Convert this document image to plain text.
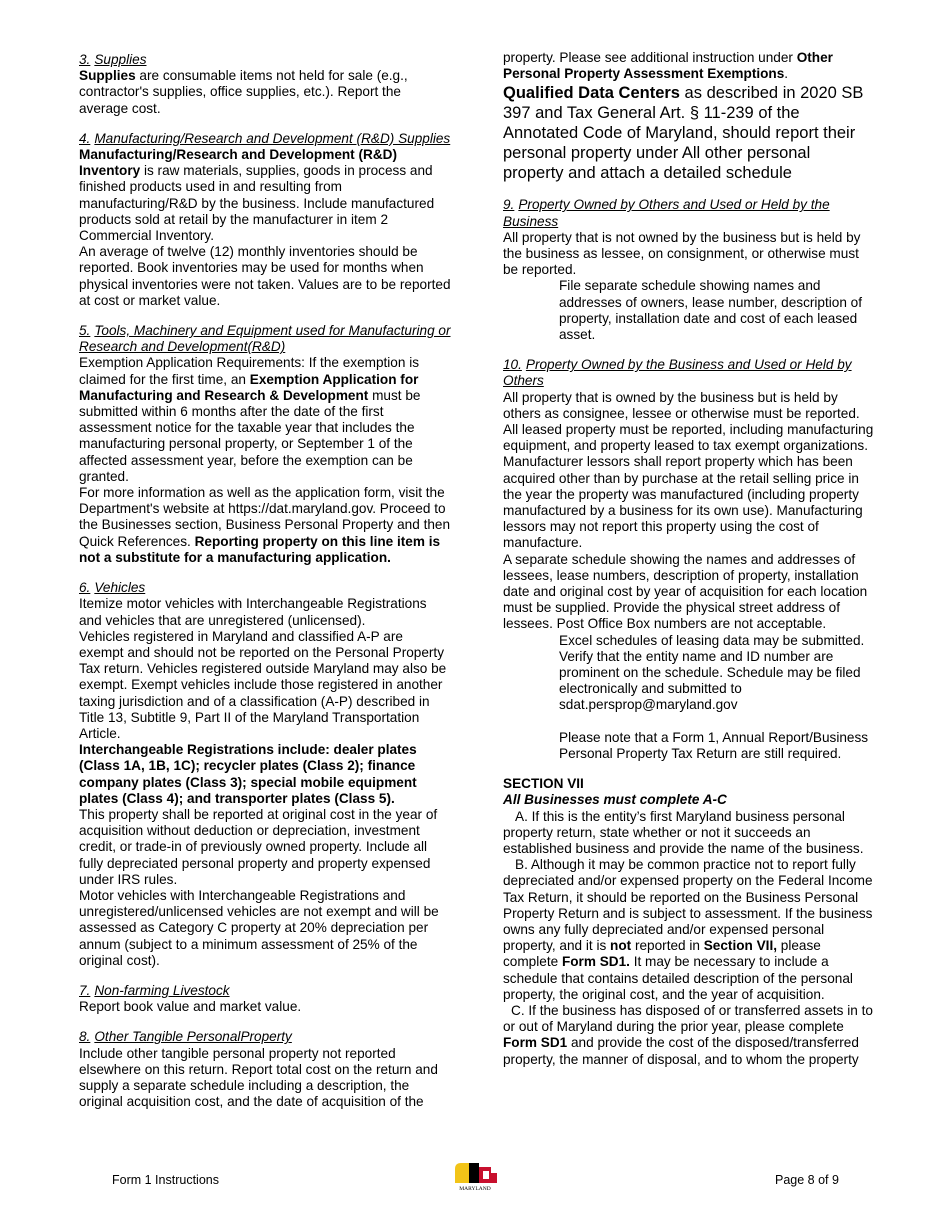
3. Supplies

Supplies are consumable items not held for sale (e.g., contractor's supplies, office supplies, etc.). Report the average cost.

4. Manufacturing/Research and Development (R&D) Supplies

Manufacturing/Research and Development (R&D) Inventory is raw materials, supplies, goods in process and finished products used in and resulting from manufacturing/R&D by the business. Include manufactured products sold at retail by the manufacturer in item 2 Commercial Inventory.

An average of twelve (12) monthly inventories should be reported. Book inventories may be used for months when physical inventories were not taken. Values are to be reported at cost or market value.

5. Tools, Machinery and Equipment used for Manufacturing or Research and Development(R&D)

Exemption Application Requirements: If the exemption is claimed for the first time, an Exemption Application for Manufacturing and Research & Development must be submitted within 6 months after the date of the first assessment notice for the taxable year that includes the manufacturing personal property, or September 1 of the affected assessment year, before the exemption can be granted.

For more information as well as the application form, visit the Department's website at https://dat.maryland.gov. Proceed to the Businesses section, Business Personal Property and then Quick References. Reporting property on this line item is not a substitute for a manufacturing application.

6. Vehicles

Itemize motor vehicles with Interchangeable Registrations and vehicles that are unregistered (unlicensed).

Vehicles registered in Maryland and classified A-P are exempt and should not be reported on the Personal Property Tax return. Vehicles registered outside Maryland may also be exempt. Exempt vehicles include those registered in another taxing jurisdiction and of a classification (A-P) described in Title 13, Subtitle 9, Part II of the Maryland Transportation Article.

Interchangeable Registrations include: dealer plates (Class 1A, 1B, 1C); recycler plates (Class 2); finance company plates (Class 3); special mobile equipment plates (Class 4); and transporter plates (Class 5).

This property shall be reported at original cost in the year of acquisition without deduction or depreciation, investment credit, or trade-in of previously owned property. Include all fully depreciated personal property and property expensed under IRS rules.

Motor vehicles with Interchangeable Registrations and unregistered/unlicensed vehicles are not exempt and will be assessed as Category C property at 20% depreciation per annum (subject to a minimum assessment of 25% of the original cost).

7. Non-farming Livestock

Report book value and market value.

8. Other Tangible PersonalProperty

Include other tangible personal property not reported elsewhere on this return. Report total cost on the return and supply a separate schedule including a description, the original acquisition cost, and the date of acquisition of the

property. Please see additional instruction under Other Personal Property Assessment Exemptions.

Qualified Data Centers as described in 2020 SB 397 and Tax General Art. § 11-239 of the Annotated Code of Maryland, should report their personal property under All other personal property and attach a detailed schedule

9. Property Owned by Others and Used or Held by the Business

All property that is not owned by the business but is held by the business as lessee, on consignment, or otherwise must be reported.

File separate schedule showing names and addresses of owners, lease number, description of property, installation date and cost of each leased asset.

10. Property Owned by the Business and Used or Held by Others

All property that is owned by the business but is held by others as consignee, lessee or otherwise must be reported. All leased property must be reported, including manufacturing equipment, and property leased to tax exempt organizations.

Manufacturer lessors shall report property which has been acquired other than by purchase at the retail selling price in the year the property was manufactured (including property manufactured by a business for its own use). Manufacturing lessors may not report this property using the cost of manufacture.

A separate schedule showing the names and addresses of lessees, lease numbers, description of property, installation date and original cost by year of acquisition for each location must be supplied. Provide the physical street address of lessees. Post Office Box numbers are not acceptable.

Excel schedules of leasing data may be submitted. Verify that the entity name and ID number are prominent on the schedule. Schedule may be filed electronically and submitted to sdat.persprop@maryland.gov

Please note that a Form 1, Annual Report/Business Personal Property Tax Return are still required.

SECTION VII

All Businesses must complete A-C

A. If this is the entity’s first Maryland business personal property return, state whether or not it succeeds an established business and provide the name of the business.

B. Although it may be common practice not to report fully depreciated and/or expensed property on the Federal Income Tax Return, it should be reported on the Business Personal Property Return and is subject to assessment. If the business owns any fully depreciated and/or expensed personal property, and it is not reported in Section VII, please complete Form SD1. It may be necessary to include a schedule that contains detailed description of the personal property, the original cost, and the year of acquisition.

C. If the business has disposed of or transferred assets in to or out of Maryland during the prior year, please complete Form SD1 and provide the cost of the disposed/transferred property, the manner of disposal, and to whom the property

Form 1 Instructions
MARYLAND
Page 8 of 9
